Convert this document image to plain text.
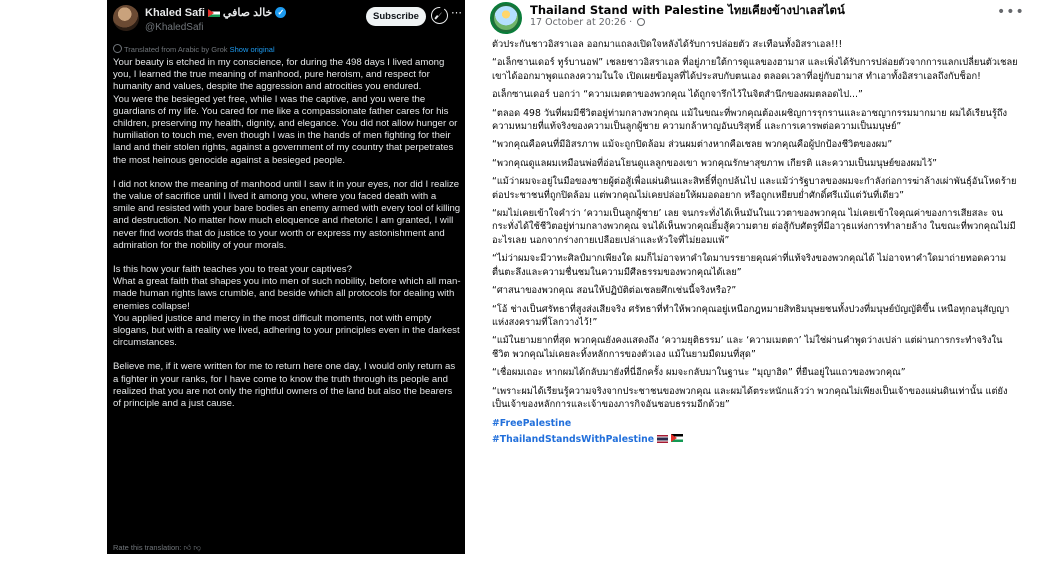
Khaled Safi خالد صافي ✓
@KhaledSafi
Subscribe	⋯
Translated from Arabic by Grok Show original

Your beauty is etched in my conscience, for during the 498 days I lived among you, I learned the true meaning of manhood, pure heroism, and respect for humanity and values, despite the aggression and atrocities you endured.

You were the besieged yet free, while I was the captive, and you were the guardians of my life. You cared for me like a compassionate father cares for his children, preserving my health, dignity, and elegance. You did not allow hunger or humiliation to touch me, even though I was in the hands of men fighting for their land and their stolen rights, against a government of my country that perpetrates the most heinous genocide against a besieged people.

I did not know the meaning of manhood until I saw it in your eyes, nor did I realize the value of sacrifice until I lived it among you, where you faced death with a smile and resisted with your bare bodies an enemy armed with every tool of killing and destruction. No matter how much eloquence and rhetoric I am granted, I will never find words that do justice to your worth or express my astonishment and admiration for the nobility of your morals.

Is this how your faith teaches you to treat your captives?

What a great faith that shapes you into men of such nobility, before which all man-made human rights laws crumble, and beside which all protocols for dealing with enemies collapse!

You applied justice and mercy in the most difficult moments, not with empty slogans, but with a reality we lived, adhering to your principles even in the darkest circumstances.

Believe me, if it were written for me to return here one day, I would only return as a fighter in your ranks, for I have come to know the truth through its people and realized that you are not only the rightful owners of the land but also the bearers of principle and a just cause.

Rate this translation: 👍︎ 👎︎
Thailand Stand with Palestine ไทยเคียงข้างปาเลสไตน์
17 October at 20:26 ·
•••

ตัวประกันชาวอิสราเอล ออกมาแถลงเปิดใจหลังได้รับการปล่อยตัว สะเทือนทั้งอิสราเอล!!!

“อเล็กซานเดอร์ ทูร์บานอฟ” เชลยชาวอิสราเอล ที่อยู่ภายใต้การดูแลของฮามาส และเพิ่งได้รับการปล่อยตัวจากการแลกเปลี่ยนตัวเชลย เขาได้ออกมาพูดแถลงความในใจ เปิดเผยข้อมูลที่ได้ประสบกับตนเอง ตลอดเวลาที่อยู่กับฮามาส ทำเอาทั้งอิสราเอลถึงกับช็อก!

อเล็กซานเดอร์ บอกว่า “ความเมตตาของพวกคุณ ได้ถูกจารึกไว้ในจิตสำนึกของผมตลอดไป...”

“ตลอด 498 วันที่ผมมีชีวิตอยู่ท่ามกลางพวกคุณ แม้ในขณะที่พวกคุณต้องเผชิญการรุกรานและอาชญากรรมมากมาย ผมได้เรียนรู้ถึงความหมายที่แท้จริงของความเป็นลูกผู้ชาย ความกล้าหาญอันบริสุทธิ์ และการเคารพต่อความเป็นมนุษย์”

“พวกคุณคือคนที่มีอิสรภาพ แม้จะถูกปิดล้อม ส่วนผมต่างหากคือเชลย พวกคุณคือผู้ปกป้องชีวิตของผม”

“พวกคุณดูแลผมเหมือนพ่อที่อ่อนโยนดูแลลูกของเขา พวกคุณรักษาสุขภาพ เกียรติ และความเป็นมนุษย์ของผมไว้”

“แม้ว่าผมจะอยู่ในมือของชายผู้ต่อสู้เพื่อแผ่นดินและสิทธิ์ที่ถูกปล้นไป และแม้ว่ารัฐบาลของผมจะกำลังก่อการฆ่าล้างเผ่าพันธุ์อันโหดร้ายต่อประชาชนที่ถูกปิดล้อม แต่พวกคุณไม่เคยปล่อยให้ผมอดอยาก หรือถูกเหยียบย่ำศักดิ์ศรีแม้แต่วันที่เดียว”

“ผมไม่เคยเข้าใจคำว่า ‘ความเป็นลูกผู้ชาย’ เลย จนกระทั่งได้เห็นมันในแววตาของพวกคุณ ไม่เคยเข้าใจคุณค่าของการเสียสละ จนกระทั่งได้ใช้ชีวิตอยู่ท่ามกลางพวกคุณ จนได้เห็นพวกคุณยิ้มสู้ความตาย ต่อสู้กับศัตรูที่มีอาวุธแห่งการทำลายล้าง ในขณะที่พวกคุณไม่มีอะไรเลย นอกจากร่างกายเปลือยเปล่าและหัวใจที่ไม่ยอมแพ้”

“ไม่ว่าผมจะมีวาทะศิลป์มากเพียงใด ผมก็ไม่อาจหาคำใดมาบรรยายคุณค่าที่แท้จริงของพวกคุณได้ ไม่อาจหาคำใดมาถ่ายทอดความตื่นตะลึงและความชื่นชมในความมีศีลธรรมของพวกคุณได้เลย”

“ศาสนาของพวกคุณ สอนให้ปฏิบัติต่อเชลยศึกเช่นนี้จริงหรือ?”

“โอ้ ช่างเป็นศรัทธาที่สูงส่งเสียจริง ศรัทธาที่ทำให้พวกคุณอยู่เหนือกฎหมายสิทธิมนุษยชนทั้งปวงที่มนุษย์บัญญัติขึ้น เหนือทุกอนุสัญญาแห่งสงครามที่โลกวางไว้!”

“แม้ในยามยากที่สุด พวกคุณยังคงแสดงถึง ‘ความยุติธรรม’ และ ‘ความเมตตา’ ไม่ใช่ผ่านคำพูดว่างเปล่า แต่ผ่านการกระทำจริงในชีวิต พวกคุณไม่เคยละทิ้งหลักการของตัวเอง แม้ในยามมืดมนที่สุด”

“เชื่อผมเถอะ หากผมได้กลับมายังที่นี่อีกครั้ง ผมจะกลับมาในฐานะ “มุญาฮิด” ที่ยืนอยู่ในแถวของพวกคุณ”

“เพราะผมได้เรียนรู้ความจริงจากประชาชนของพวกคุณ และผมได้ตระหนักแล้วว่า พวกคุณไม่เพียงเป็นเจ้าของแผ่นดินเท่านั้น แต่ยังเป็นเจ้าของหลักการและเจ้าของภารกิจอันชอบธรรมอีกด้วย”

#FreePalestine

#ThailandStandsWithPalestine
